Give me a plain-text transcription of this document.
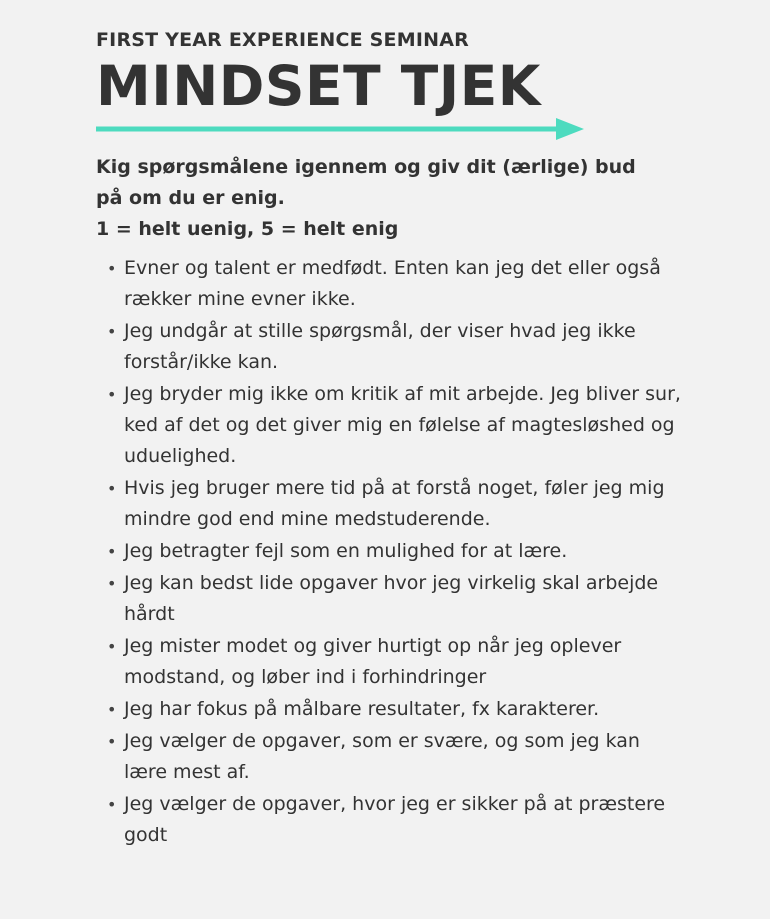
FIRST YEAR EXPERIENCE SEMINAR

MINDSET TJEK

Kig spørgsmålene igennem og giv dit (ærlige) bud på om du er enig.

1 = helt uenig, 5 = helt enig

• Evner og talent er medfødt. Enten kan jeg det eller også rækker mine evner ikke.
• Jeg undgår at stille spørgsmål, der viser hvad jeg ikke forstår/ikke kan.
• Jeg bryder mig ikke om kritik af mit arbejde. Jeg bliver sur, ked af det og det giver mig en følelse af magtesløshed og uduelighed.
• Hvis jeg bruger mere tid på at forstå noget, føler jeg mig mindre god end mine medstuderende.
• Jeg betragter fejl som en mulighed for at lære.
• Jeg kan bedst lide opgaver hvor jeg virkelig skal arbejde hårdt
• Jeg mister modet og giver hurtigt op når jeg oplever modstand, og løber ind i forhindringer
• Jeg har fokus på målbare resultater, fx karakterer.
• Jeg vælger de opgaver, som er svære, og som jeg kan lære mest af.
• Jeg vælger de opgaver, hvor jeg er sikker på at præstere godt
